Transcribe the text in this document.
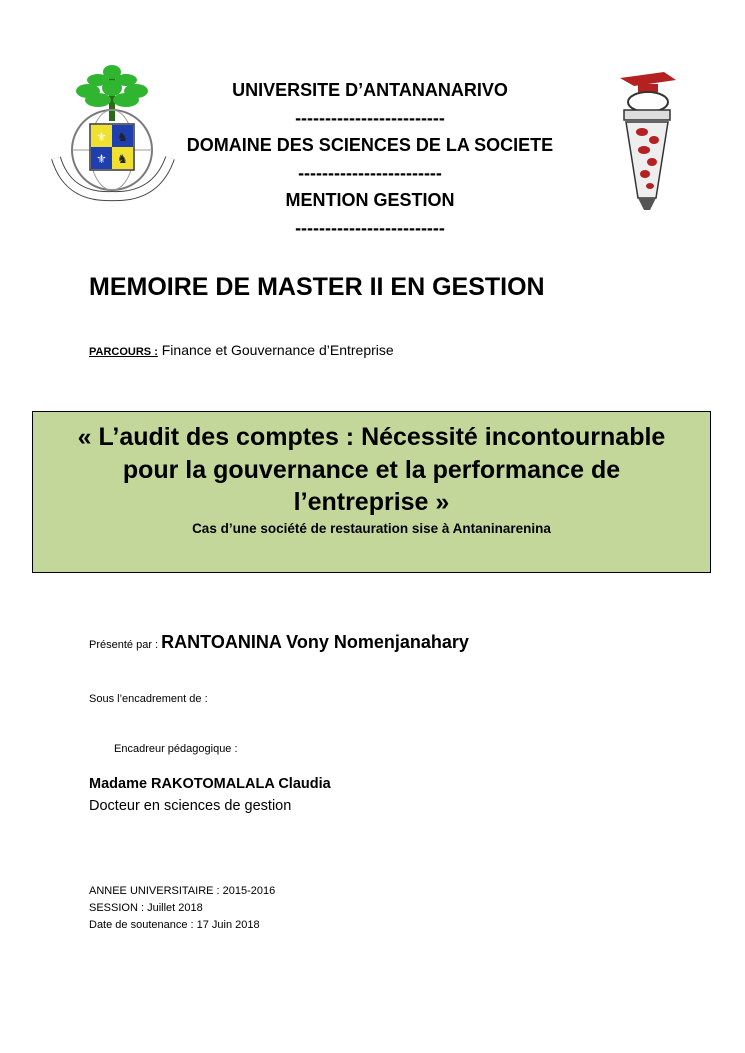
⚜
♞
⚜
♞
UNIVERSITE D’ANTANANARIVO
-------------------------
DOMAINE DES SCIENCES DE LA SOCIETE
------------------------
MENTION GESTION
-------------------------
MEMOIRE DE MASTER II EN GESTION
PARCOURS : Finance et Gouvernance d’Entreprise
« L’audit des comptes : Nécessité incontournable
pour la gouvernance et la performance de
l’entreprise »
Cas d’une société de restauration sise à Antaninarenina
Présenté par : RANTOANINA Vony Nomenjanahary
Sous l’encadrement de :
Encadreur pédagogique :
Madame RAKOTOMALALA Claudia
Docteur en sciences de gestion
ANNEE UNIVERSITAIRE : 2015-2016
SESSION : Juillet 2018
Date de soutenance : 17 Juin 2018
